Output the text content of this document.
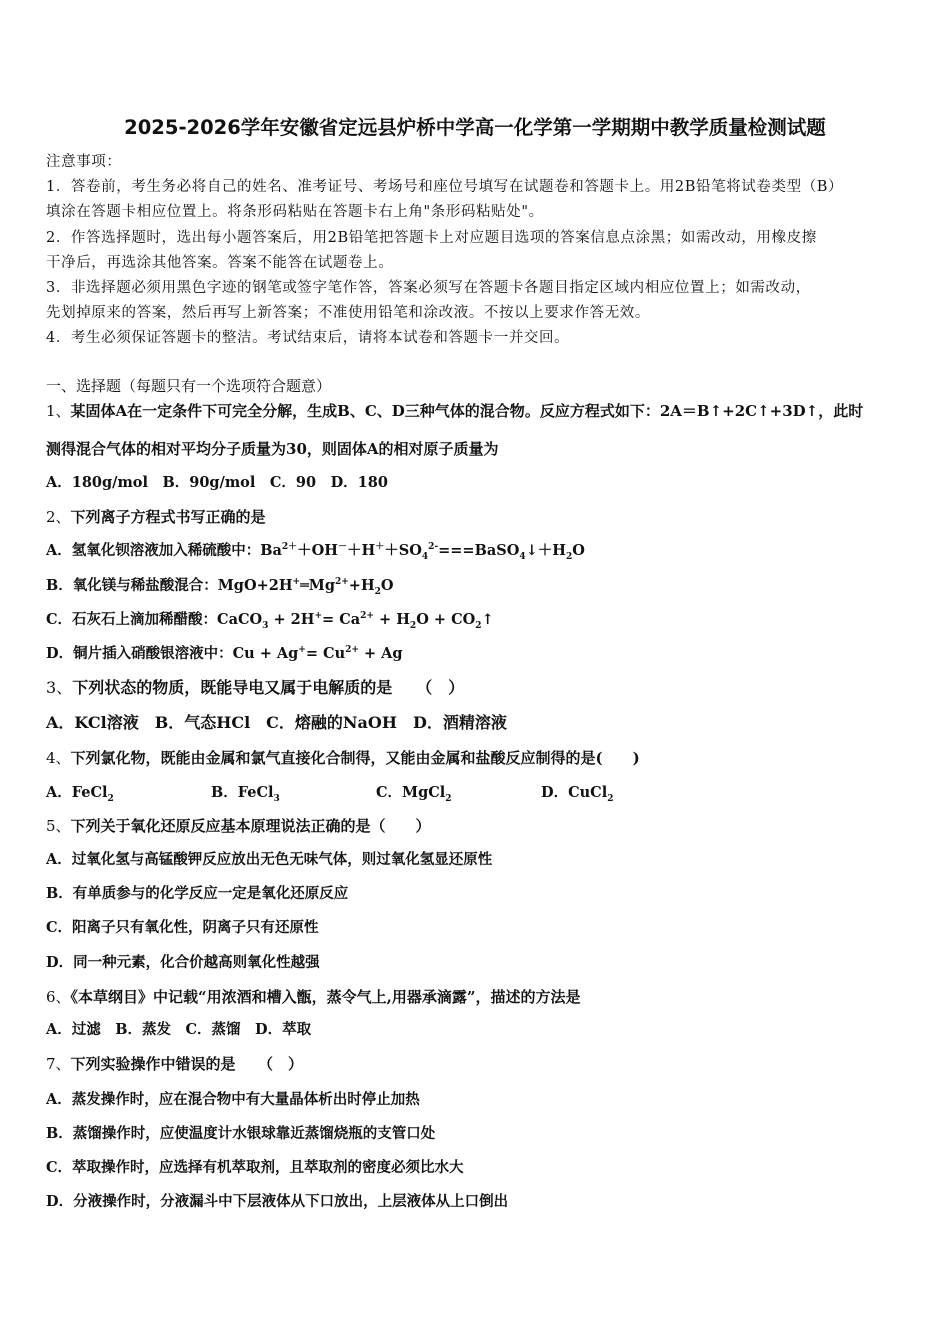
2025-2026学年安徽省定远县炉桥中学高一化学第一学期期中教学质量检测试题
注意事项：
1．答卷前，考生务必将自己的姓名、准考证号、考场号和座位号填写在试题卷和答题卡上。用2B铅笔将试卷类型（B）
填涂在答题卡相应位置上。将条形码粘贴在答题卡右上角"条形码粘贴处"。
2．作答选择题时，选出每小题答案后，用2B铅笔把答题卡上对应题目选项的答案信息点涂黑；如需改动，用橡皮擦
干净后，再选涂其他答案。答案不能答在试题卷上。
3．非选择题必须用黑色字迹的钢笔或签字笔作答，答案必须写在答题卡各题目指定区域内相应位置上；如需改动，
先划掉原来的答案，然后再写上新答案；不准使用铅笔和涂改液。不按以上要求作答无效。
4．考生必须保证答题卡的整洁。考试结束后，请将本试卷和答题卡一并交回。
一、选择题（每题只有一个选项符合题意）
1、某固体A在一定条件下可完全分解，生成B、C、D三种气体的混合物。反应方程式如下：2A＝B↑+2C↑+3D↑，此时
测得混合气体的相对平均分子质量为30，则固体A的相对原子质量为
A．180g/mol　B．90g/mol　C．90　D．180
2、下列离子方程式书写正确的是
A．氢氧化钡溶液加入稀硫酸中：$Ba^{2+}+OH^-+H^++SO_4^{2-}===BaSO_4↓+H_2O$
B．氧化镁与稀盐酸混合：$MgO+2H^+═Mg^{2+}+H_2O$
C．石灰石上滴加稀醋酸：CaCO$_3$ + $2H^+= Ca^{2+} + H_2O$ + $CO_2↑$
D．铜片插入硝酸银溶液中：$Cu + Ag^+= Cu^{2+} + Ag$
3、下列状态的物质，既能导电又属于电解质的是　　（　）
A．KCl溶液　B．气态HCl　C．熔融的NaOH　D．酒精溶液
4、下列氯化物，既能由金属和氯气直接化合制得，又能由金属和盐酸反应制得的是(　　)
A．FeCl$_2$	B．FeCl$_3$	C．MgCl$_2$	D．CuCl$_2$
5、下列关于氧化还原反应基本原理说法正确的是（　　）
A．过氧化氢与高锰酸钾反应放出无色无味气体，则过氧化氢显还原性
B．有单质参与的化学反应一定是氧化还原反应
C．阳离子只有氧化性，阴离子只有还原性
D．同一种元素，化合价越高则氧化性越强
6、《本草纲目》中记载“用浓酒和槽入甑，蒸令气上,用器承滴露”，描述的方法是
A．过滤　B．蒸发　C．蒸馏　D．萃取
7、下列实验操作中错误的是　　（　）
A．蒸发操作时，应在混合物中有大量晶体析出时停止加热
B．蒸馏操作时，应使温度计水银球靠近蒸馏烧瓶的支管口处
C．萃取操作时，应选择有机萃取剂，且萃取剂的密度必须比水大
D．分液操作时，分液漏斗中下层液体从下口放出，上层液体从上口倒出
